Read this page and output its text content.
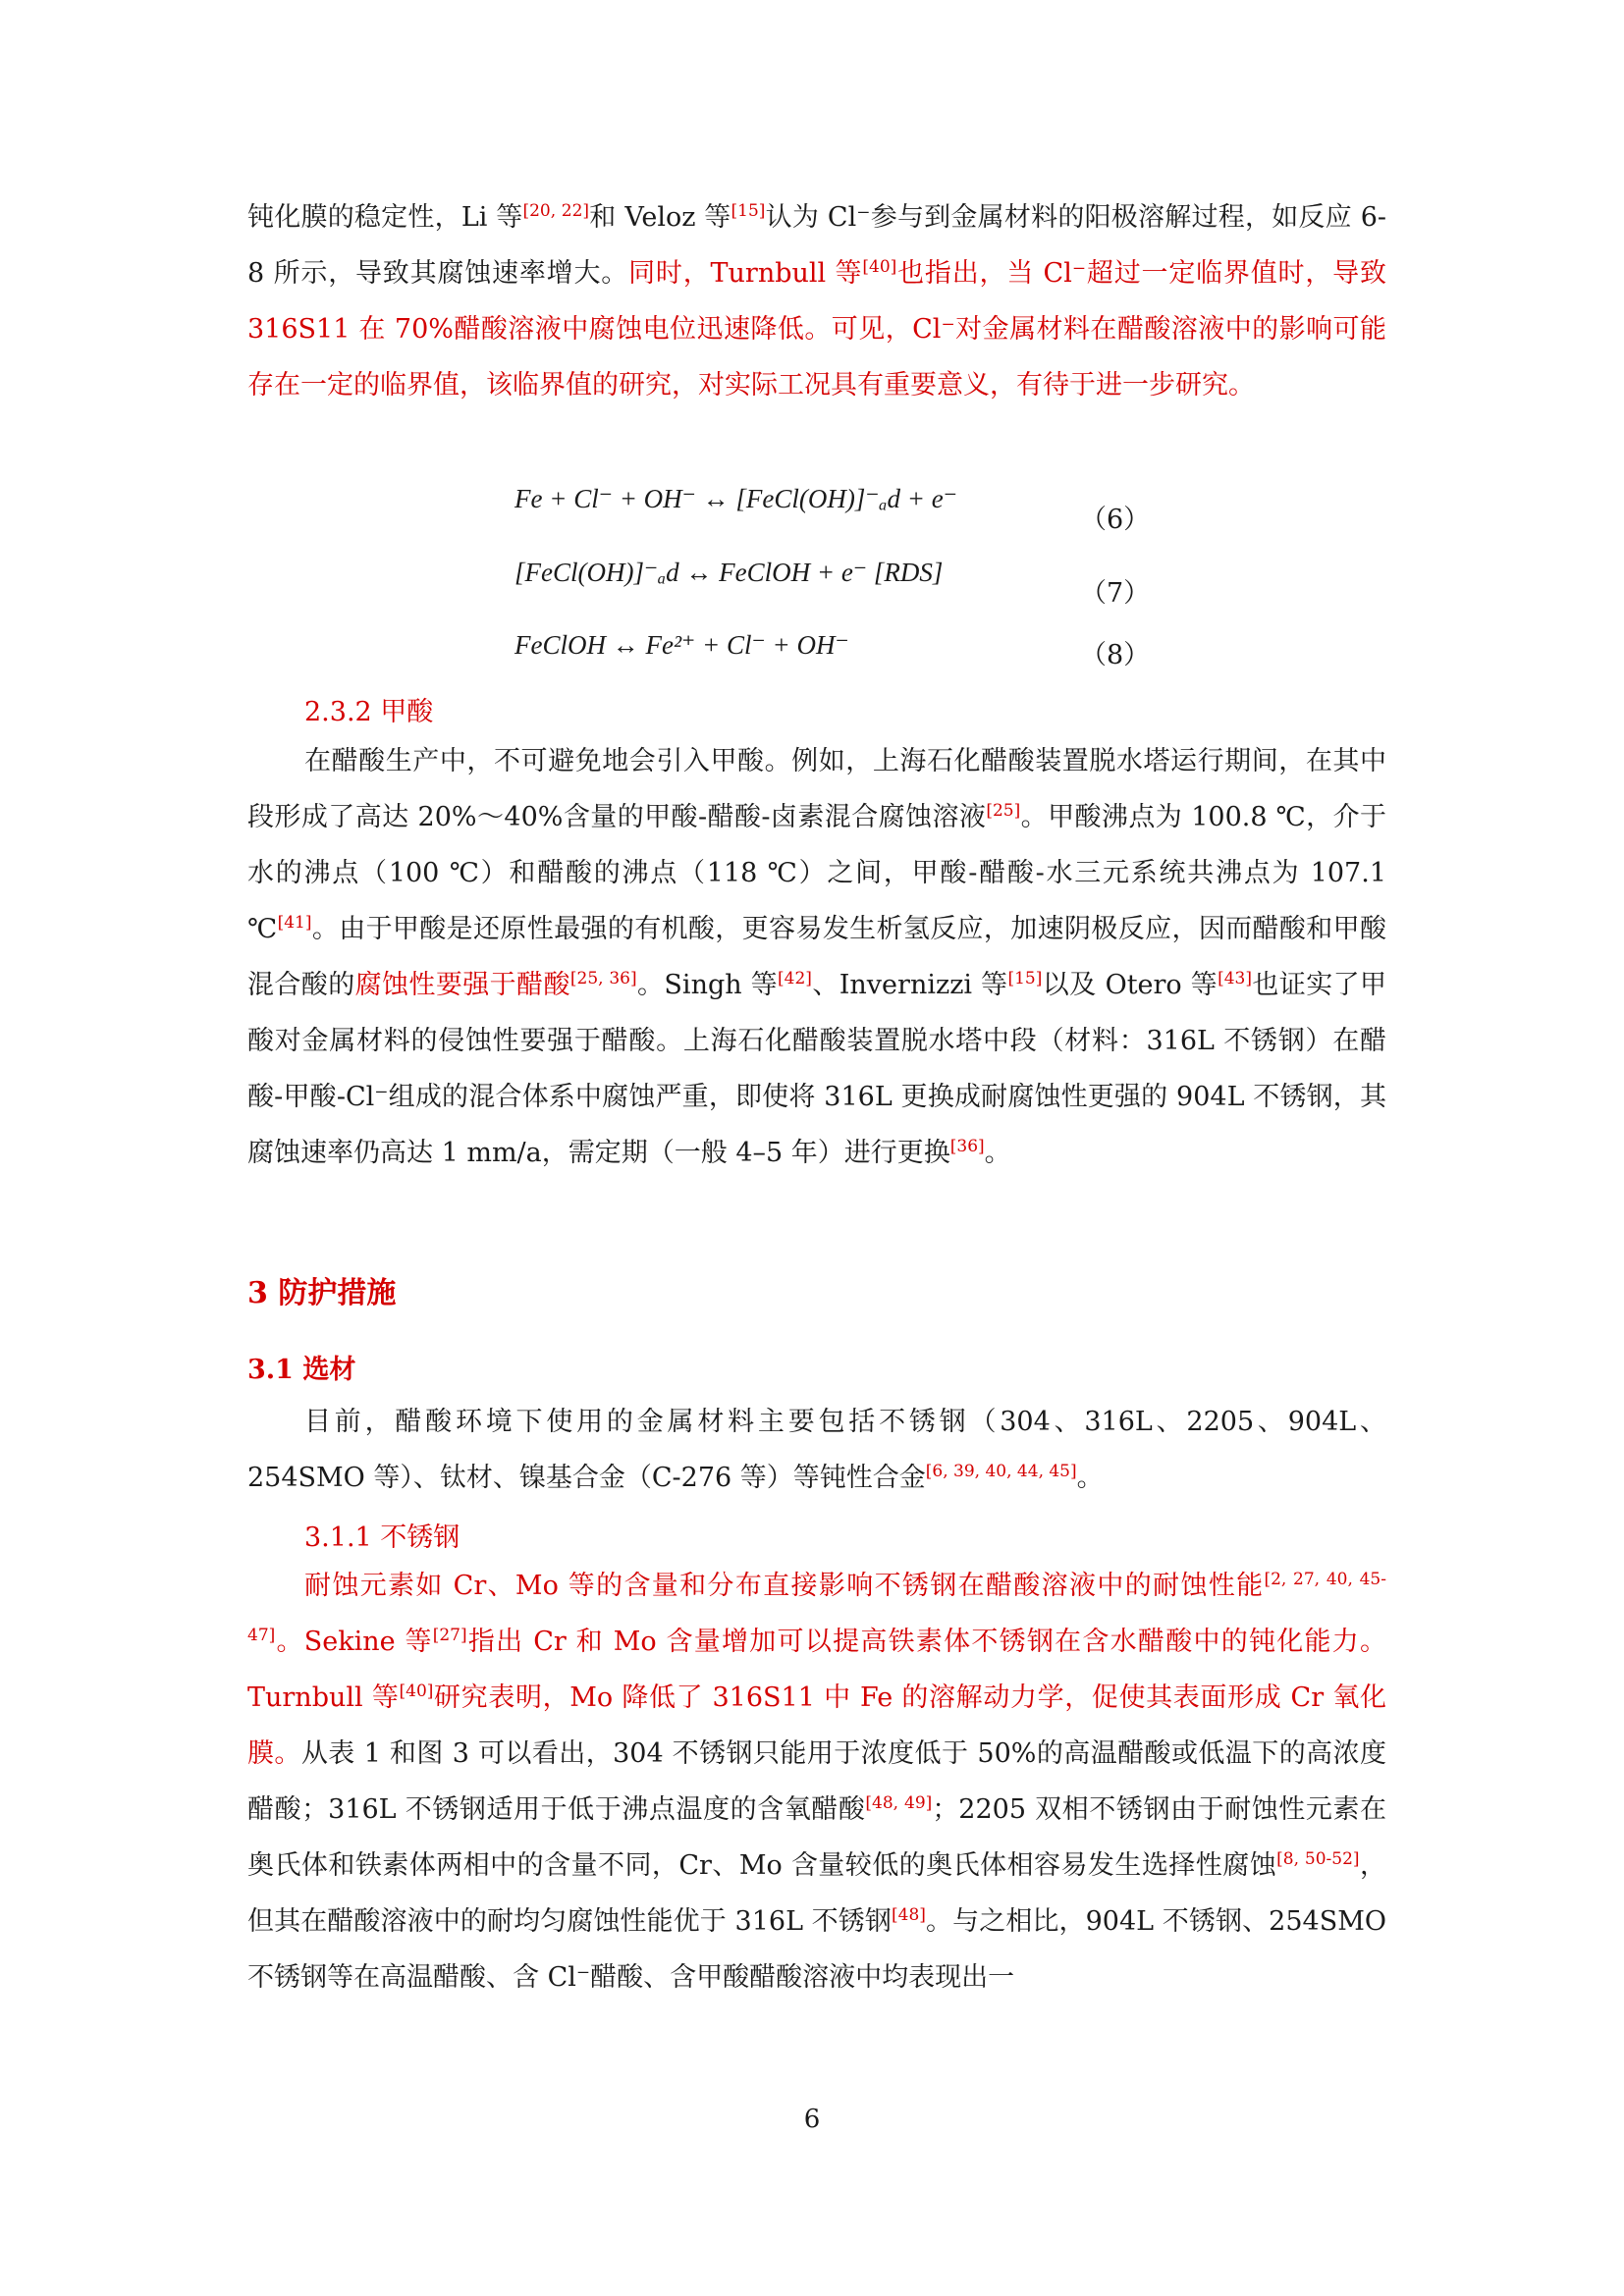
钝化膜的稳定性，Li 等[20, 22]和 Veloz 等[15]认为 Cl⁻参与到金属材料的阳极溶解过程，如反应 6-8 所示，导致其腐蚀速率增大。同时，Turnbull 等[40]也指出，当 Cl⁻超过一定临界值时，导致 316S11 在 70%醋酸溶液中腐蚀电位迅速降低。可见，Cl⁻对金属材料在醋酸溶液中的影响可能存在一定的临界值，该临界值的研究，对实际工况具有重要意义，有待于进一步研究。

Fe + Cl⁻ + OH⁻ ↔ [FeCl(OH)]⁻ₐd + e⁻
（6）
[FeCl(OH)]⁻ₐd ↔ FeClOH + e⁻ [RDS]
（7）
FeClOH ↔ Fe²⁺ + Cl⁻ + OH⁻	（8）
2.3.2 甲酸

在醋酸生产中，不可避免地会引入甲酸。例如，上海石化醋酸装置脱水塔运行期间，在其中段形成了高达 20%～40%含量的甲酸-醋酸-卤素混合腐蚀溶液[25]。甲酸沸点为 100.8 ℃，介于水的沸点（100 ℃）和醋酸的沸点（118 ℃）之间，甲酸-醋酸-水三元系统共沸点为 107.1 ℃[41]。由于甲酸是还原性最强的有机酸，更容易发生析氢反应，加速阴极反应，因而醋酸和甲酸混合酸的腐蚀性要强于醋酸[25, 36]。Singh 等[42]、Invernizzi 等[15]以及 Otero 等[43]也证实了甲酸对金属材料的侵蚀性要强于醋酸。上海石化醋酸装置脱水塔中段（材料：316L 不锈钢）在醋酸-甲酸-Cl⁻组成的混合体系中腐蚀严重，即使将 316L 更换成耐腐蚀性更强的 904L 不锈钢，其腐蚀速率仍高达 1 mm/a，需定期（一般 4–5 年）进行更换[36]。

3 防护措施
3.1 选材

目前，醋酸环境下使用的金属材料主要包括不锈钢（304、316L、2205、904L、254SMO 等）、钛材、镍基合金（C-276 等）等钝性合金[6, 39, 40, 44, 45]。

3.1.1 不锈钢

耐蚀元素如 Cr、Mo 等的含量和分布直接影响不锈钢在醋酸溶液中的耐蚀性能[2, 27, 40, 45-47]。Sekine 等[27]指出 Cr 和 Mo 含量增加可以提高铁素体不锈钢在含水醋酸中的钝化能力。Turnbull 等[40]研究表明，Mo 降低了 316S11 中 Fe 的溶解动力学，促使其表面形成 Cr 氧化膜。从表 1 和图 3 可以看出，304 不锈钢只能用于浓度低于 50%的高温醋酸或低温下的高浓度醋酸；316L 不锈钢适用于低于沸点温度的含氧醋酸[48, 49]；2205 双相不锈钢由于耐蚀性元素在奥氏体和铁素体两相中的含量不同，Cr、Mo 含量较低的奥氏体相容易发生选择性腐蚀[8, 50-52]，但其在醋酸溶液中的耐均匀腐蚀性能优于 316L 不锈钢[48]。与之相比，904L 不锈钢、254SMO 不锈钢等在高温醋酸、含 Cl⁻醋酸、含甲酸醋酸溶液中均表现出一

6
